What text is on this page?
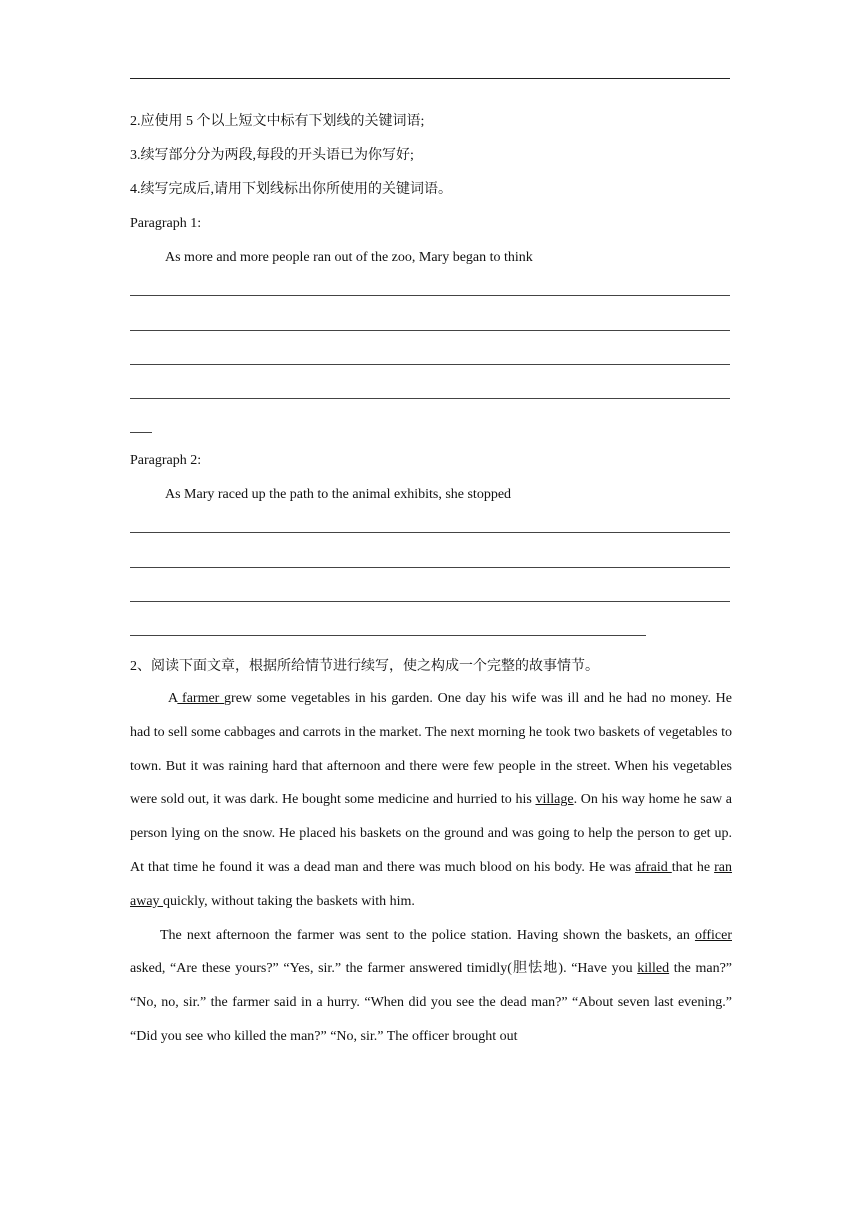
2.应使用 5 个以上短文中标有下划线的关键词语;
3.续写部分分为两段,每段的开头语已为你写好;
4.续写完成后,请用下划线标出你所使用的关键词语。
Paragraph 1:
As more and more people ran out of the zoo, Mary began to think
Paragraph 2:
As Mary raced up the path to the animal exhibits, she stopped
2、阅读下面文章，根据所给情节进行续写，使之构成一个完整的故事情节。

A farmer grew some vegetables in his garden. One day his wife was ill and he had no money. He had to sell some cabbages and carrots in the market. The next morning he took two baskets of vegetables to town. But it was raining hard that afternoon and there were few people in the street. When his vegetables were sold out, it was dark. He bought some medicine and hurried to his village. On his way home he saw a person lying on the snow. He placed his baskets on the ground and was going to help the person to get up. At that time he found it was a dead man and there was much blood on his body. He was afraid that he ran away quickly, without taking the baskets with him.

The next afternoon the farmer was sent to the police station. Having shown the baskets, an officer asked, “Are these yours?” “Yes, sir.” the farmer answered timidly(胆怯地). “Have you killed the man?” “No, no, sir.” the farmer said in a hurry. “When did you see the dead man?” “About seven last evening.” “Did you see who killed the man?” “No, sir.” The officer brought out
